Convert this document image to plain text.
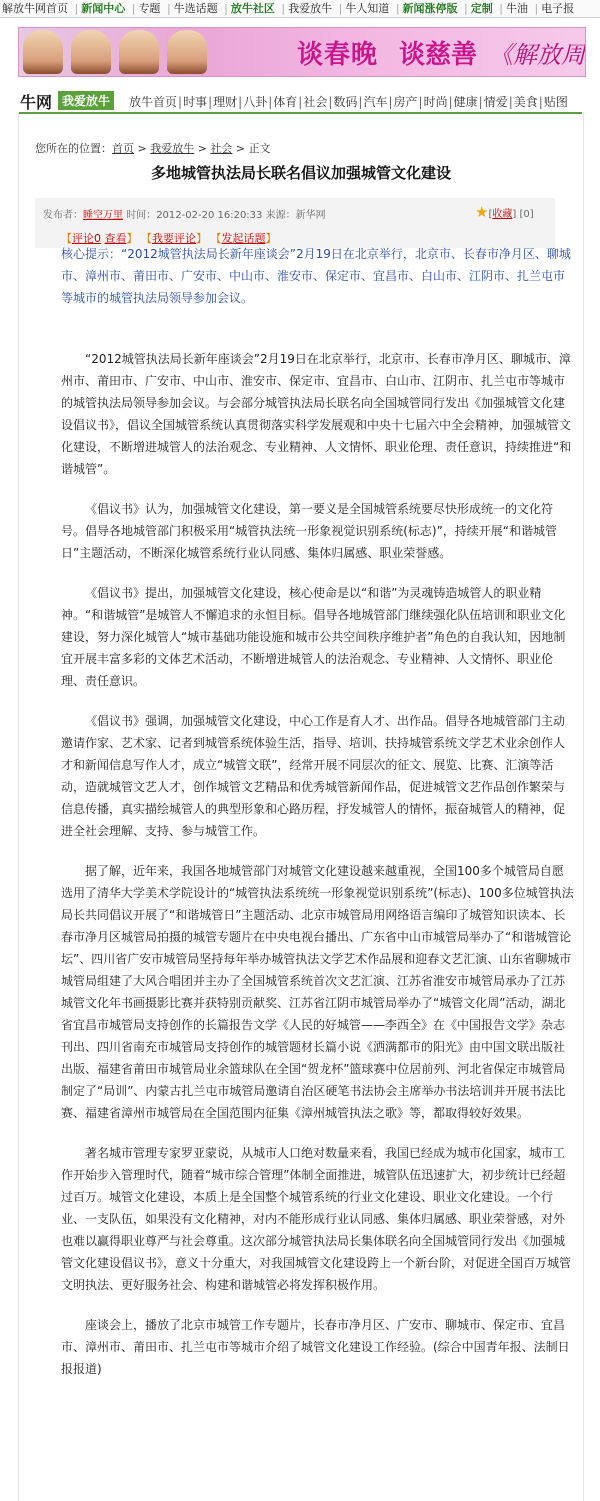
解放牛网首页 | 新闻中心 | 专题 | 牛选话题 | 放牛社区 | 我爱放牛 | 牛人知道 | 新闻涨停版 | 定制 | 牛油 | 电子报
谈春晚 谈慈善 《解放周
牛网 我爱放牛	放牛首页|时事|理财|八卦|体育|社会|数码|汽车|房产|时尚|健康|情爱|美食|贴图
您所在的位置：首页 > 我爱放牛 > 社会 > 正文
多地城管执法局长联名倡议加强城管文化建设
发布者：睡空万里 时间：2012-02-20 16:20:33 来源：新华网	★[收藏] [0]
【评论0 查看】 【我要评论】 【发起话题】

核心提示：“2012城管执法局长新年座谈会”2月19日在北京举行，北京市、长春市净月区、聊城市、漳州市、莆田市、广安市、中山市、淮安市、保定市、宜昌市、白山市、江阴市、扎兰屯市等城市的城管执法局领导参加会议。

“2012城管执法局长新年座谈会”2月19日在北京举行，北京市、长春市净月区、聊城市、漳州市、莆田市、广安市、中山市、淮安市、保定市、宜昌市、白山市、江阴市、扎兰屯市等城市的城管执法局领导参加会议。与会部分城管执法局长联名向全国城管同行发出《加强城管文化建设倡议书》，倡议全国城管系统认真贯彻落实科学发展观和中央十七届六中全会精神，加强城管文化建设，不断增进城管人的法治观念、专业精神、人文情怀、职业伦理、责任意识，持续推进“和谐城管”。

《倡议书》认为，加强城管文化建设，第一要义是全国城管系统要尽快形成统一的文化符号。倡导各地城管部门积极采用“城管执法统一形象视觉识别系统(标志)”，持续开展“和谐城管日”主题活动，不断深化城管系统行业认同感、集体归属感、职业荣誉感。

《倡议书》提出，加强城管文化建设，核心使命是以“和谐”为灵魂铸造城管人的职业精神。“和谐城管”是城管人不懈追求的永恒目标。倡导各地城管部门继续强化队伍培训和职业文化建设，努力深化城管人“城市基础功能设施和城市公共空间秩序维护者”角色的自我认知，因地制宜开展丰富多彩的文体艺术活动，不断增进城管人的法治观念、专业精神、人文情怀、职业伦理、责任意识。

《倡议书》强调，加强城管文化建设，中心工作是育人才、出作品。倡导各地城管部门主动邀请作家、艺术家、记者到城管系统体验生活，指导、培训、扶持城管系统文学艺术业余创作人才和新闻信息写作人才，成立“城管文联”，经常开展不同层次的征文、展览、比赛、汇演等活动，造就城管文艺人才，创作城管文艺精品和优秀城管新闻作品，促进城管文艺作品创作繁荣与信息传播，真实描绘城管人的典型形象和心路历程，抒发城管人的情怀，振奋城管人的精神，促进全社会理解、支持、参与城管工作。

据了解，近年来，我国各地城管部门对城管文化建设越来越重视，全国100多个城管局自愿选用了清华大学美术学院设计的“城管执法系统统一形象视觉识别系统”(标志)、100多位城管执法局长共同倡议开展了“和谐城管日”主题活动、北京市城管局用网络语言编印了城管知识读本、长春市净月区城管局拍摄的城管专题片在中央电视台播出、广东省中山市城管局举办了“和谐城管论坛”、四川省广安市城管局坚持每年举办城管执法文学艺术作品展和迎春文艺汇演、山东省聊城市城管局组建了大风合唱团并主办了全国城管系统首次文艺汇演、江苏省淮安市城管局承办了江苏城管文化年书画摄影比赛并获特别贡献奖、江苏省江阴市城管局举办了“城管文化周”活动，湖北省宜昌市城管局支持创作的长篇报告文学《人民的好城管——李西全》在《中国报告文学》杂志刊出、四川省南充市城管局支持创作的城管题材长篇小说《洒满都市的阳光》由中国文联出版社出版、福建省莆田市城管局业余篮球队在全国“贺龙杯”篮球赛中位居前列、河北省保定市城管局制定了“局训”、内蒙古扎兰屯市城管局邀请自治区硬笔书法协会主席举办书法培训并开展书法比赛、福建省漳州市城管局在全国范围内征集《漳州城管执法之歌》等，都取得较好效果。

著名城市管理专家罗亚蒙说，从城市人口绝对数量来看，我国已经成为城市化国家，城市工作开始步入管理时代，随着“城市综合管理”体制全面推进，城管队伍迅速扩大，初步统计已经超过百万。城管文化建设，本质上是全国整个城管系统的行业文化建设、职业文化建设。一个行业、一支队伍，如果没有文化精神，对内不能形成行业认同感、集体归属感、职业荣誉感，对外也难以赢得职业尊严与社会尊重。这次部分城管执法局长集体联名向全国城管同行发出《加强城管文化建设倡议书》，意义十分重大，对我国城管文化建设跨上一个新台阶，对促进全国百万城管文明执法、更好服务社会、构建和谐城管必将发挥积极作用。

座谈会上，播放了北京市城管工作专题片，长春市净月区、广安市、聊城市、保定市、宜昌市、漳州市、莆田市、扎兰屯市等城市介绍了城管文化建设工作经验。(综合中国青年报、法制日报报道)
